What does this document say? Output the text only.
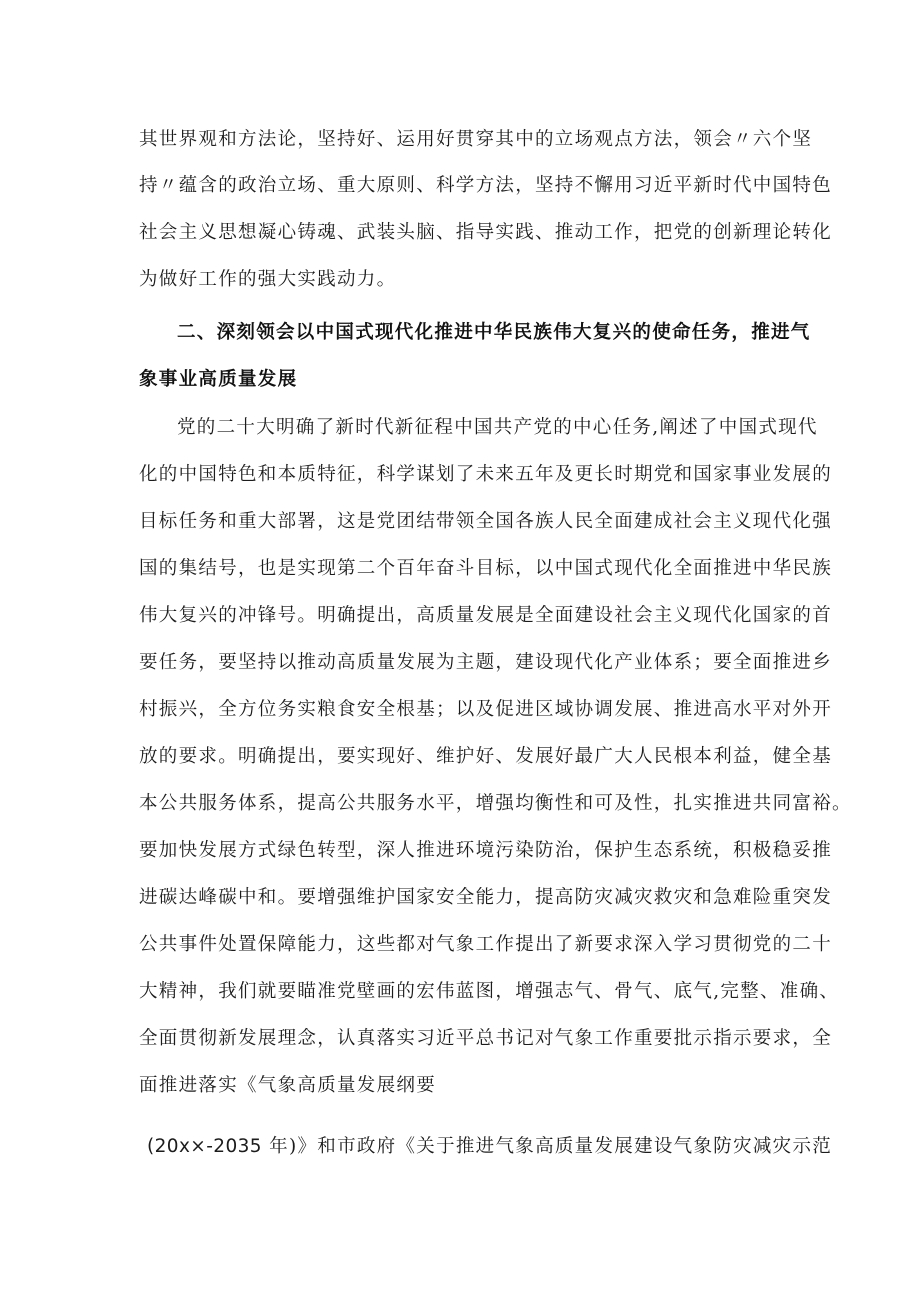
其世界观和方法论，坚持好、运用好贯穿其中的立场观点方法，领会〃六个坚
持〃蕴含的政治立场、重大原则、科学方法，坚持不懈用习近平新时代中国特色
社会主义思想凝心铸魂、武装头脑、指导实践、推动工作，把党的创新理论转化
为做好工作的强大实践动力。
二、深刻领会以中国式现代化推进中华民族伟大复兴的使命任务，推进气
象事业高质量发展
党的二十大明确了新时代新征程中国共产党的中心任务,阐述了中国式现代
化的中国特色和本质特征，科学谋划了未来五年及更长时期党和国家事业发展的
目标任务和重大部署，这是党团结带领全国各族人民全面建成社会主义现代化强
国的集结号，也是实现第二个百年奋斗目标，以中国式现代化全面推进中华民族
伟大复兴的冲锋号。明确提出，高质量发展是全面建设社会主义现代化国家的首
要任务，要坚持以推动高质量发展为主题，建设现代化产业体系；要全面推进乡
村振兴，全方位务实粮食安全根基；以及促进区域协调发展、推进高水平对外开
放的要求。明确提出，要实现好、维护好、发展好最广大人民根本利益，健全基
本公共服务体系，提高公共服务水平，增强均衡性和可及性，扎实推进共同富裕。
要加快发展方式绿色转型，深人推进环境污染防治，保护生态系统，积极稳妥推
进碳达峰碳中和。要增强维护国家安全能力，提高防灾减灾救灾和急难险重突发
公共事件处置保障能力，这些都对气象工作提出了新要求深入学习贯彻党的二十
大精神，我们就要瞄准党壁画的宏伟蓝图，增强志气、骨气、底气,完整、准确、
全面贯彻新发展理念，认真落实习近平总书记对气象工作重要批示指示要求，全
面推进落实《气象高质量发展纲要
(20x×-2035 年)》和市政府《关于推进气象高质量发展建设气象防灾减灾示范
